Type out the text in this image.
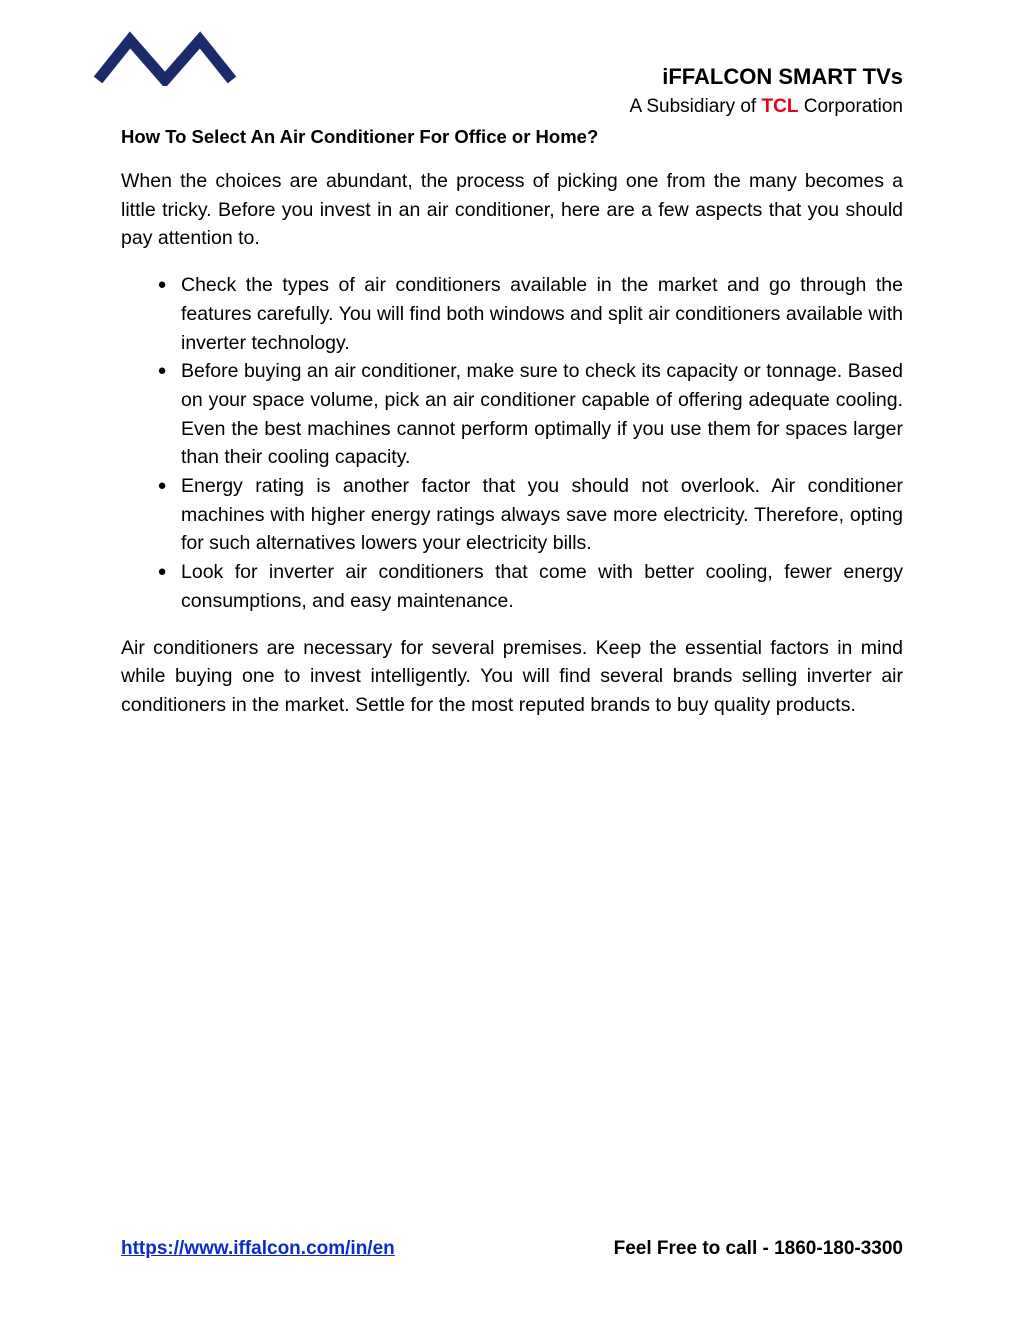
iFFALCON SMART TVs
A Subsidiary of TCL Corporation
How To Select An Air Conditioner For Office or Home?

When the choices are abundant, the process of picking one from the many becomes a little tricky. Before you invest in an air conditioner, here are a few aspects that you should pay attention to.

● Check the types of air conditioners available in the market and go through the features carefully. You will find both windows and split air conditioners available with inverter technology.
● Before buying an air conditioner, make sure to check its capacity or tonnage. Based on your space volume, pick an air conditioner capable of offering adequate cooling. Even the best machines cannot perform optimally if you use them for spaces larger than their cooling capacity.
● Energy rating is another factor that you should not overlook. Air conditioner machines with higher energy ratings always save more electricity. Therefore, opting for such alternatives lowers your electricity bills.
● Look for inverter air conditioners that come with better cooling, fewer energy consumptions, and easy maintenance.

Air conditioners are necessary for several premises. Keep the essential factors in mind while buying one to invest intelligently. You will find several brands selling inverter air conditioners in the market. Settle for the most reputed brands to buy quality products.

https://www.iffalcon.com/in/en	Feel Free to call - 1860-180-3300
